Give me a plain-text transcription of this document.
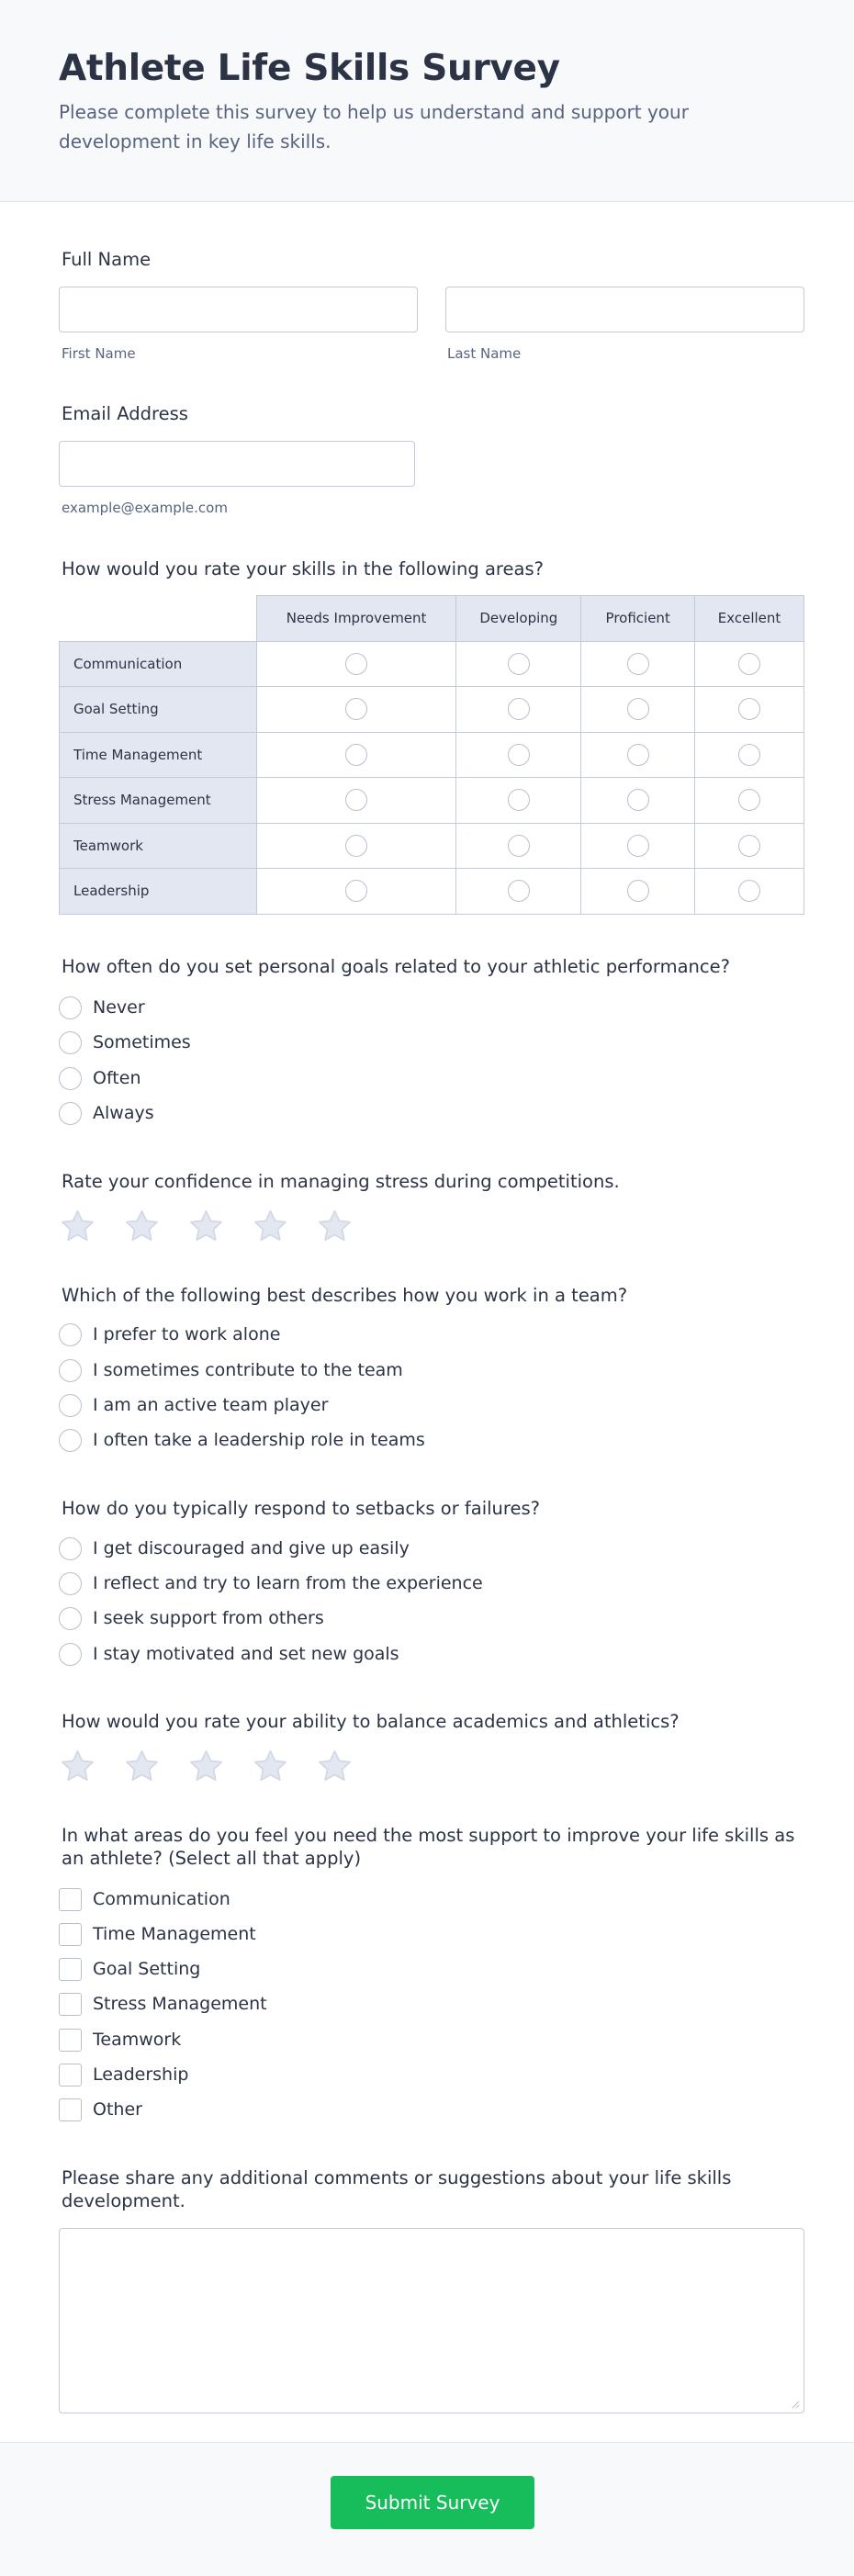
Athlete Life Skills Survey

Please complete this survey to help us understand and support your development in key life skills.

Full Name
First Name	Last Name
Email Address
example@example.com
How would you rate your skills in the following areas?
	Needs Improvement	Developing	Proficient	Excellent
Communication				
Goal Setting				
Time Management				
Stress Management				
Teamwork				
Leadership				
How often do you set personal goals related to your athletic performance?
Never
Sometimes
Often
Always
Rate your confidence in managing stress during competitions.
Which of the following best describes how you work in a team?
I prefer to work alone
I sometimes contribute to the team
I am an active team player
I often take a leadership role in teams
How do you typically respond to setbacks or failures?
I get discouraged and give up easily
I reflect and try to learn from the experience
I seek support from others
I stay motivated and set new goals
How would you rate your ability to balance academics and athletics?
In what areas do you feel you need the most support to improve your life skills as an athlete? (Select all that apply)
Communication
Time Management
Goal Setting
Stress Management
Teamwork
Leadership
Other
Please share any additional comments or suggestions about your life skills development.
Submit Survey
